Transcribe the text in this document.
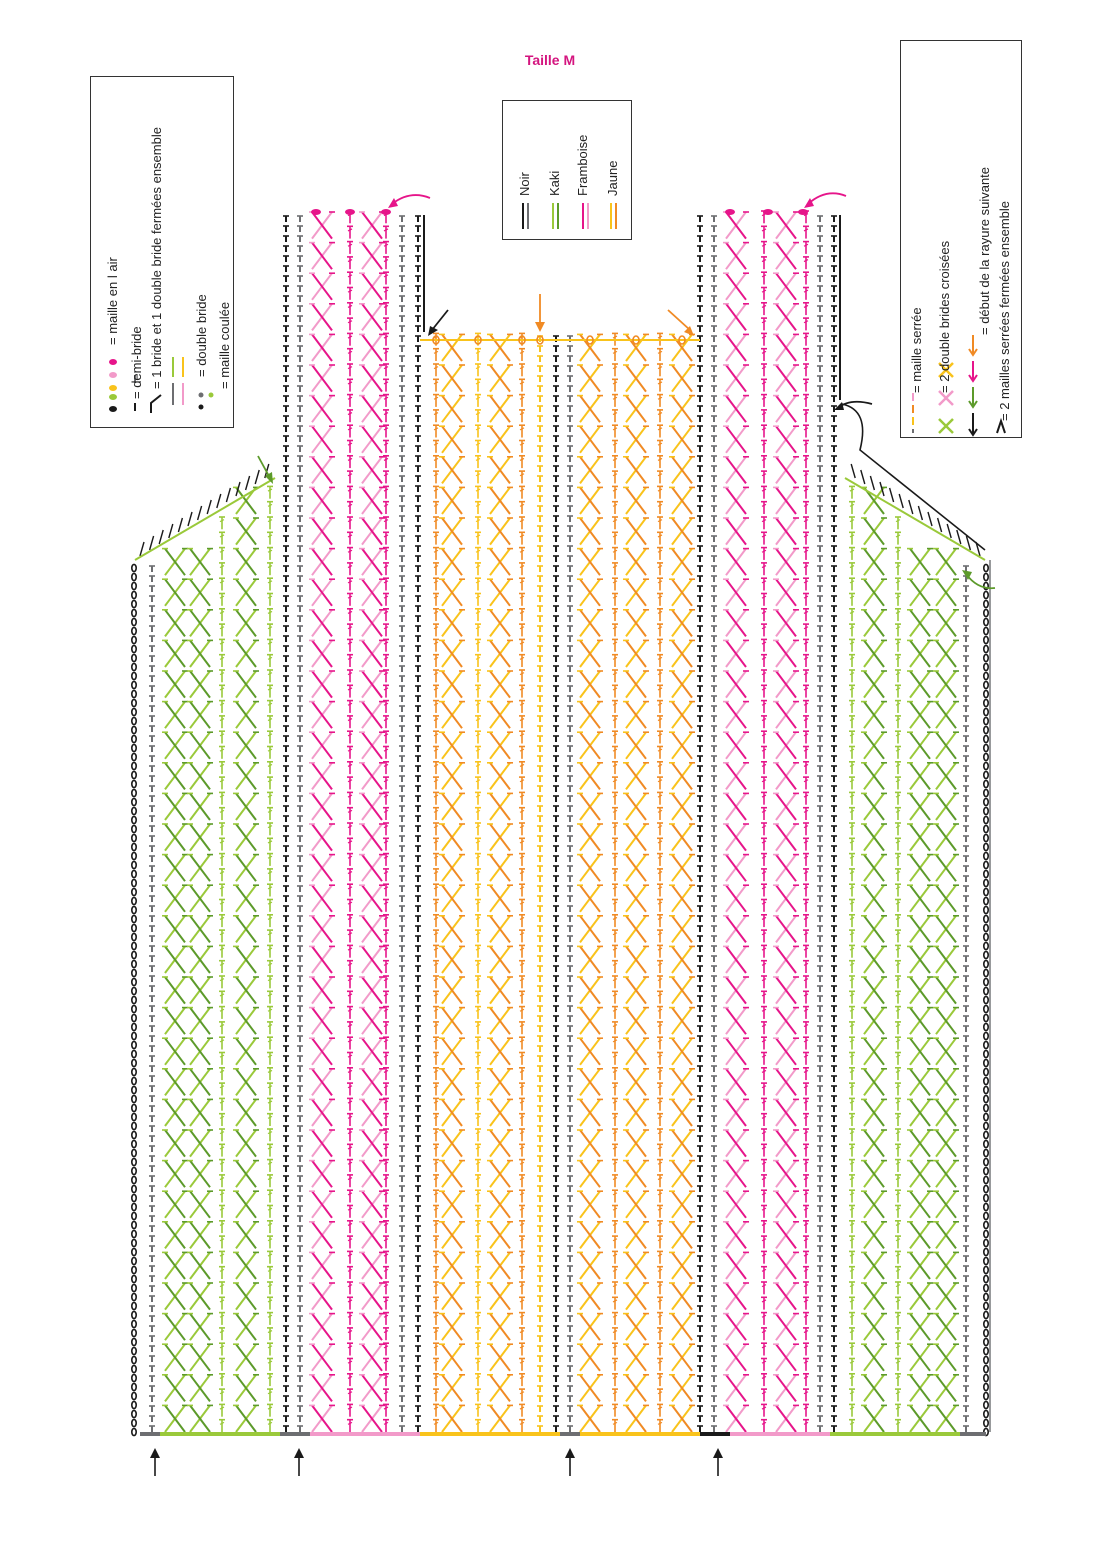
Taille M
= maille en l air
= demi-bride = 1 bride et 1 double bride fermées ensemble = double bride = maille coulée
Noir Kaki Framboise Jaune
= maille serrée = 2 double brides croisées = début de la rayure suivante = 2 mailles serrées fermées ensemble
